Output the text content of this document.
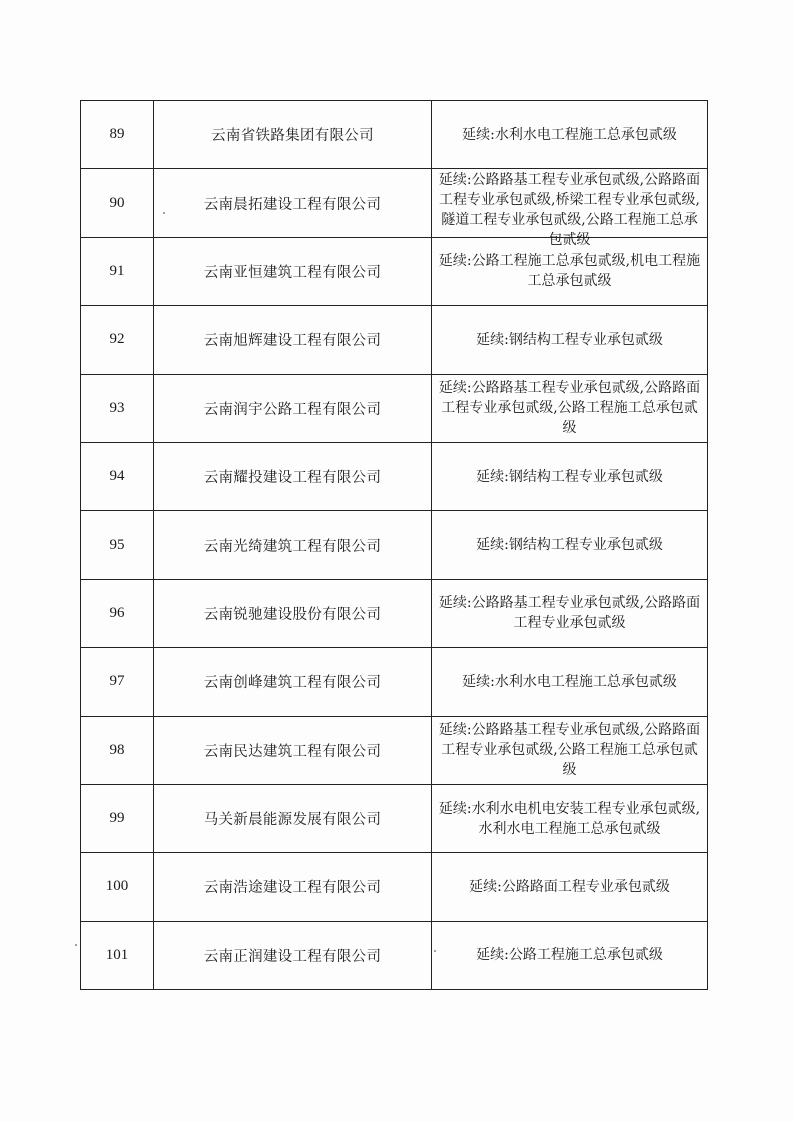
89	云南省铁路集团有限公司	延续:水利水电工程施工总承包贰级

90	云南晨拓建设工程有限公司	延续:公路路基工程专业承包贰级,公路路面工程专业承包贰级,桥梁工程专业承包贰级,隧道工程专业承包贰级,公路工程施工总承包贰级

91	云南亚恒建筑工程有限公司	延续:公路工程施工总承包贰级,机电工程施工总承包贰级

92	云南旭辉建设工程有限公司	延续:钢结构工程专业承包贰级

93	云南润宇公路工程有限公司	延续:公路路基工程专业承包贰级,公路路面工程专业承包贰级,公路工程施工总承包贰级

94	云南耀投建设工程有限公司	延续:钢结构工程专业承包贰级

95	云南光绮建筑工程有限公司	延续:钢结构工程专业承包贰级

96	云南锐驰建设股份有限公司	延续:公路路基工程专业承包贰级,公路路面工程专业承包贰级

97	云南创峰建筑工程有限公司	延续:水利水电工程施工总承包贰级

98	云南民达建筑工程有限公司	延续:公路路基工程专业承包贰级,公路路面工程专业承包贰级,公路工程施工总承包贰级

99	马关新晨能源发展有限公司	延续:水利水电机电安装工程专业承包贰级,水利水电工程施工总承包贰级

100	云南浩途建设工程有限公司	延续:公路路面工程专业承包贰级

101	云南正润建设工程有限公司	延续:公路工程施工总承包贰级
